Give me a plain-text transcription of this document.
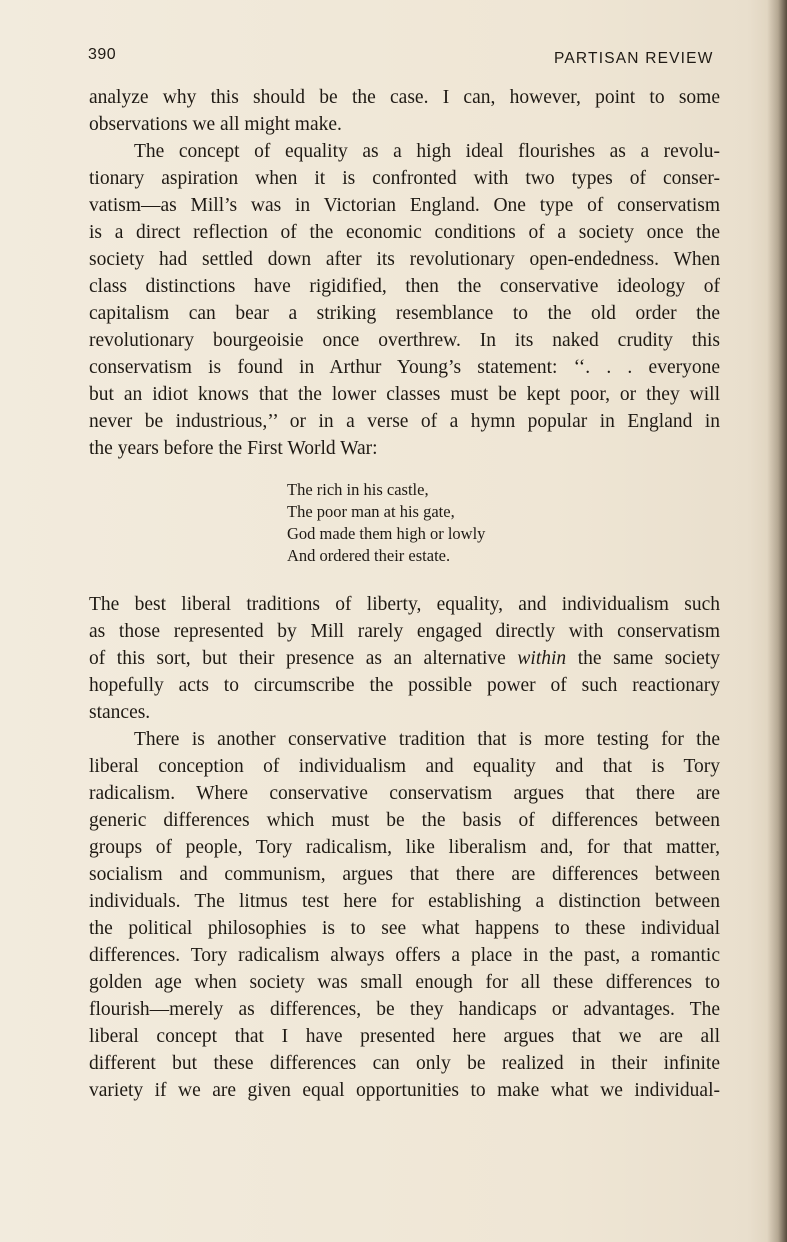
390	PARTISAN REVIEW
analyze why this should be the case. I can, however, point to some
observations we all might make.
The concept of equality as a high ideal flourishes as a revolu-
tionary aspiration when it is confronted with two types of conser-
vatism—as Mill’s was in Victorian England. One type of conservatism
is a direct reflection of the economic conditions of a society once the
society had settled down after its revolutionary open-endedness. When
class distinctions have rigidified, then the conservative ideology of
capitalism can bear a striking resemblance to the old order the
revolutionary bourgeoisie once overthrew. In its naked crudity this
conservatism is found in Arthur Young’s statement: ‘‘. . . everyone
but an idiot knows that the lower classes must be kept poor, or they will
never be industrious,’’ or in a verse of a hymn popular in England in
the years before the First World War:
The rich in his castle,
The poor man at his gate,
God made them high or lowly
And ordered their estate.
The best liberal traditions of liberty, equality, and individualism such
as those represented by Mill rarely engaged directly with conservatism
of this sort, but their presence as an alternative within the same society
hopefully acts to circumscribe the possible power of such reactionary
stances.
There is another conservative tradition that is more testing for the
liberal conception of individualism and equality and that is Tory
radicalism. Where conservative conservatism argues that there are
generic differences which must be the basis of differences between
groups of people, Tory radicalism, like liberalism and, for that matter,
socialism and communism, argues that there are differences between
individuals. The litmus test here for establishing a distinction between
the political philosophies is to see what happens to these individual
differences. Tory radicalism always offers a place in the past, a romantic
golden age when society was small enough for all these differences to
flourish—merely as differences, be they handicaps or advantages. The
liberal concept that I have presented here argues that we are all
different but these differences can only be realized in their infinite
variety if we are given equal opportunities to make what we individual-
